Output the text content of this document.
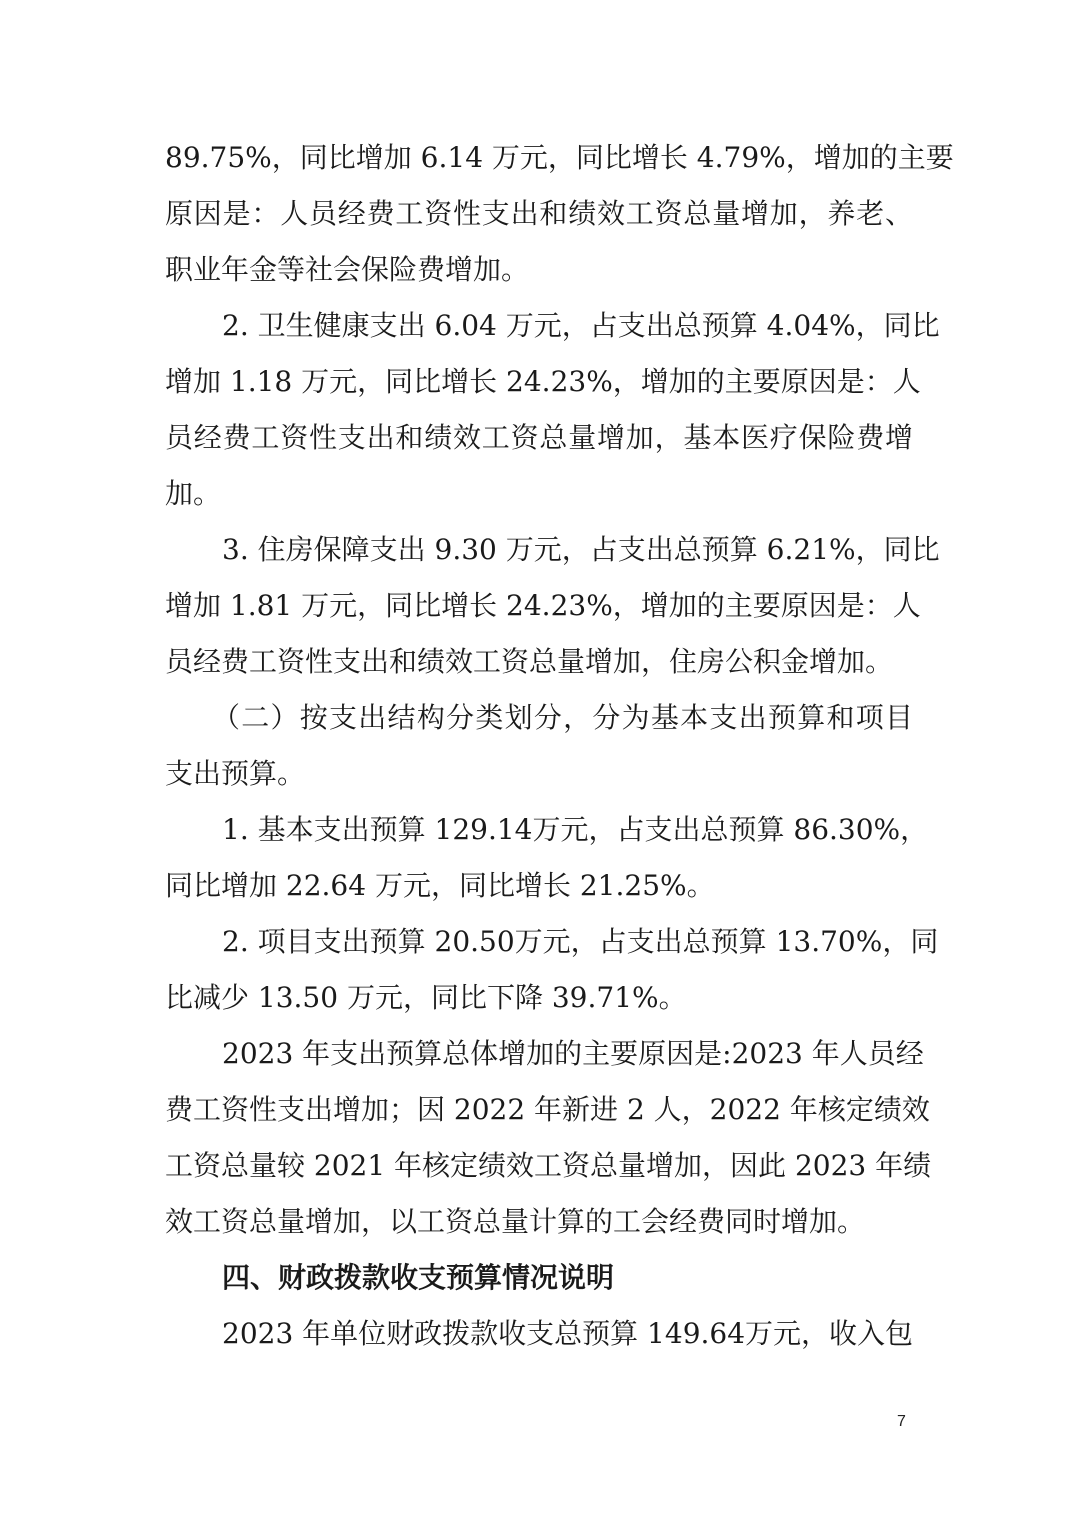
89.75%，同比增加 6.14 万元，同比增长 4.79%，增加的主要
原因是：人员经费工资性支出和绩效工资总量增加，养老、
职业年金等社会保险费增加。
2. 卫生健康支出 6.04 万元，占支出总预算 4.04%，同比
增加 1.18 万元，同比增长 24.23%，增加的主要原因是：人
员经费工资性支出和绩效工资总量增加，基本医疗保险费增
加。
3. 住房保障支出 9.30 万元，占支出总预算 6.21%，同比
增加 1.81 万元，同比增长 24.23%，增加的主要原因是：人
员经费工资性支出和绩效工资总量增加，住房公积金增加。
（二）按支出结构分类划分，分为基本支出预算和项目
支出预算。
1. 基本支出预算 129.14万元，占支出总预算 86.30%，
同比增加 22.64 万元，同比增长 21.25%。
2. 项目支出预算 20.50万元，占支出总预算 13.70%，同
比减少 13.50 万元，同比下降 39.71%。
2023 年支出预算总体增加的主要原因是:2023 年人员经
费工资性支出增加；因 2022 年新进 2 人，2022 年核定绩效
工资总量较 2021 年核定绩效工资总量增加，因此 2023 年绩
效工资总量增加，以工资总量计算的工会经费同时增加。
四、财政拨款收支预算情况说明
2023 年单位财政拨款收支总预算 149.64万元，收入包
7
